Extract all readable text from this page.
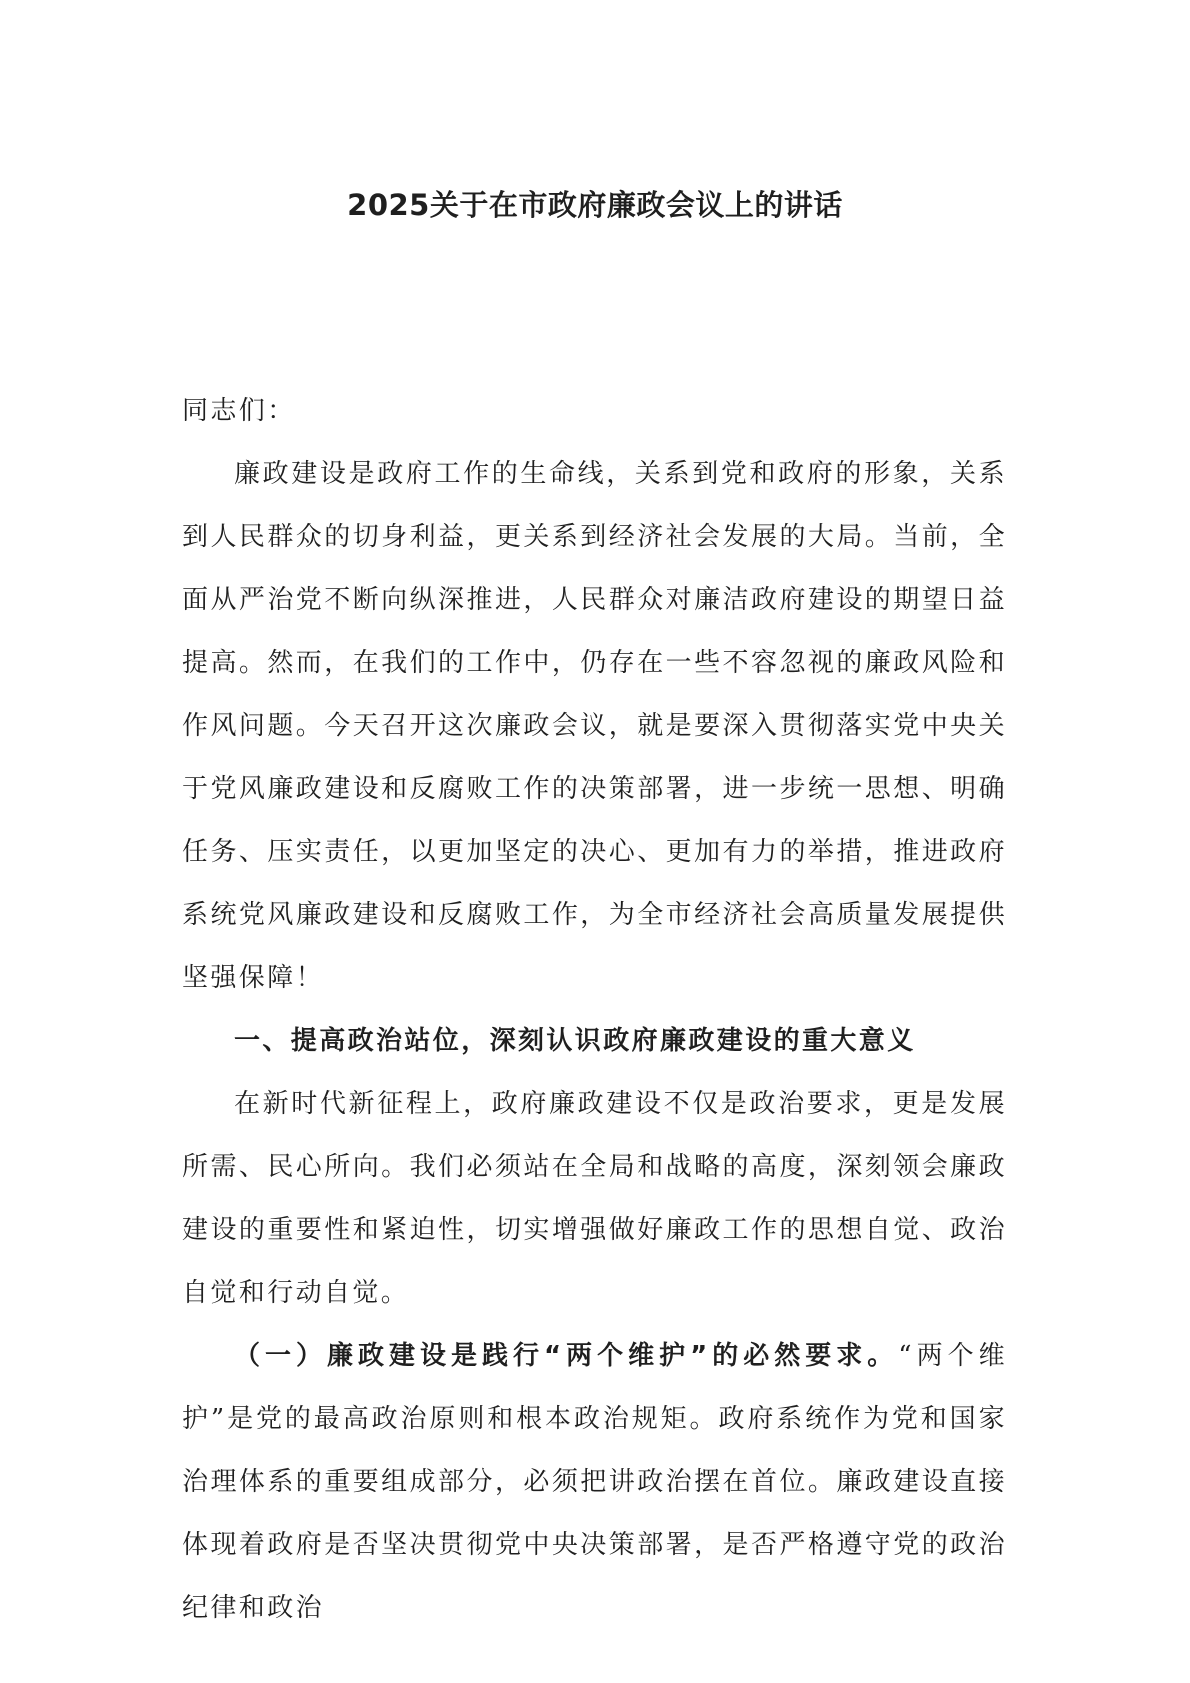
2025关于在市政府廉政会议上的讲话

同志们：

廉政建设是政府工作的生命线，关系到党和政府的形象，关系到人民群众的切身利益，更关系到经济社会发展的大局。当前，全面从严治党不断向纵深推进，人民群众对廉洁政府建设的期望日益提高。然而，在我们的工作中，仍存在一些不容忽视的廉政风险和作风问题。今天召开这次廉政会议，就是要深入贯彻落实党中央关于党风廉政建设和反腐败工作的决策部署，进一步统一思想、明确任务、压实责任，以更加坚定的决心、更加有力的举措，推进政府系统党风廉政建设和反腐败工作，为全市经济社会高质量发展提供坚强保障！

一、提高政治站位，深刻认识政府廉政建设的重大意义

在新时代新征程上，政府廉政建设不仅是政治要求，更是发展所需、民心所向。我们必须站在全局和战略的高度，深刻领会廉政建设的重要性和紧迫性，切实增强做好廉政工作的思想自觉、政治自觉和行动自觉。

（一）廉政建设是践行“两个维护”的必然要求。“两个维护”是党的最高政治原则和根本政治规矩。政府系统作为党和国家治理体系的重要组成部分，必须把讲政治摆在首位。廉政建设直接体现着政府是否坚决贯彻党中央决策部署，是否严格遵守党的政治纪律和政治
